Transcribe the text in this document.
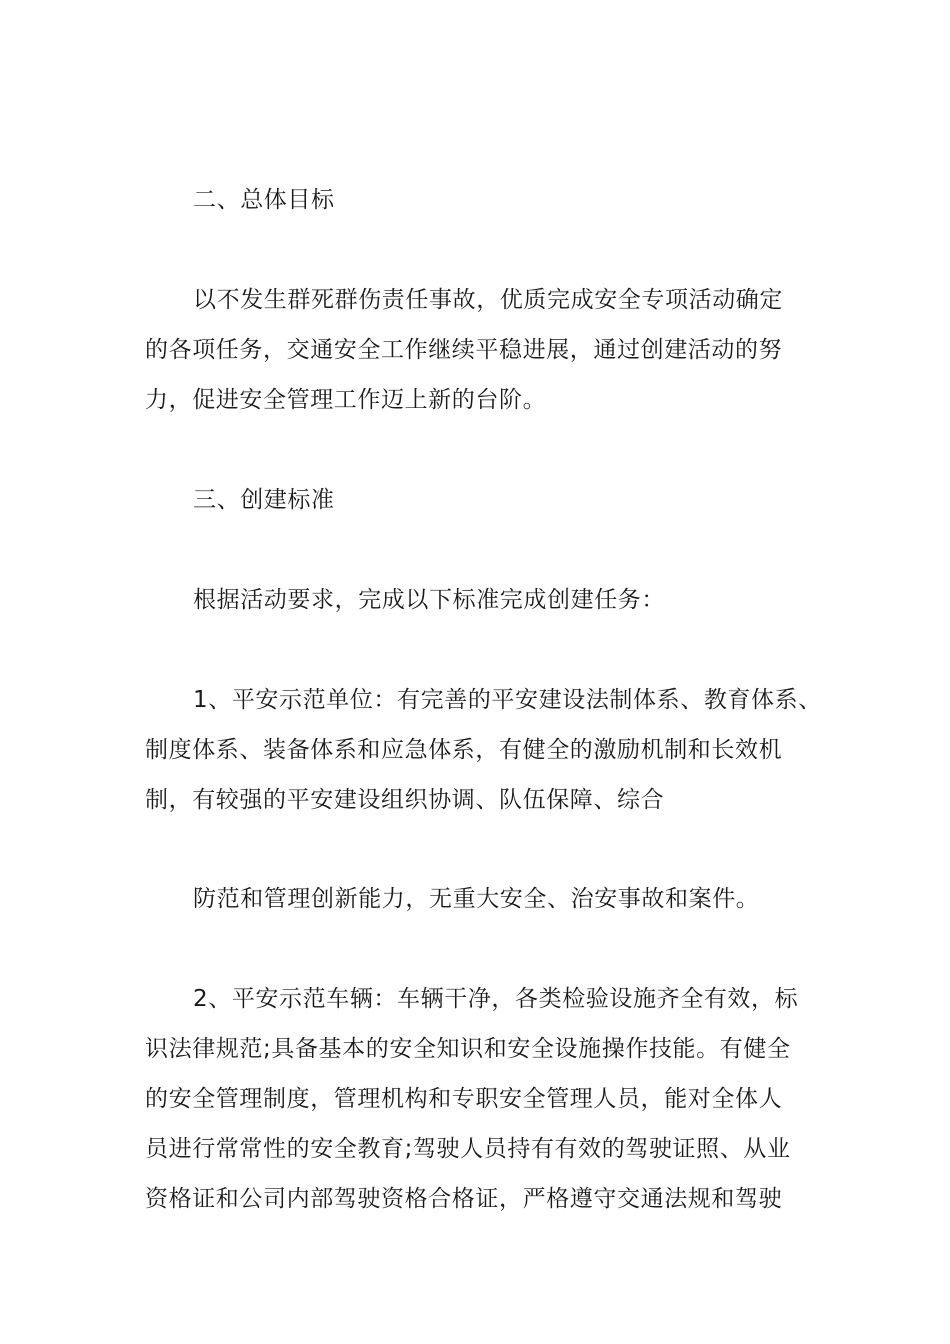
二、总体目标
以不发生群死群伤责任事故，优质完成安全专项活动确定
的各项任务，交通安全工作继续平稳进展，通过创建活动的努
力，促进安全管理工作迈上新的台阶。
三、创建标准
根据活动要求，完成以下标准完成创建任务：
1、平安示范单位：有完善的平安建设法制体系、教育体系、
制度体系、装备体系和应急体系，有健全的激励机制和长效机
制，有较强的平安建设组织协调、队伍保障、综合
防范和管理创新能力，无重大安全、治安事故和案件。
2、平安示范车辆：车辆干净，各类检验设施齐全有效，标
识法律规范;具备基本的安全知识和安全设施操作技能。有健全
的安全管理制度，管理机构和专职安全管理人员，能对全体人
员进行常常性的安全教育;驾驶人员持有有效的驾驶证照、从业
资格证和公司内部驾驶资格合格证，严格遵守交通法规和驾驶
